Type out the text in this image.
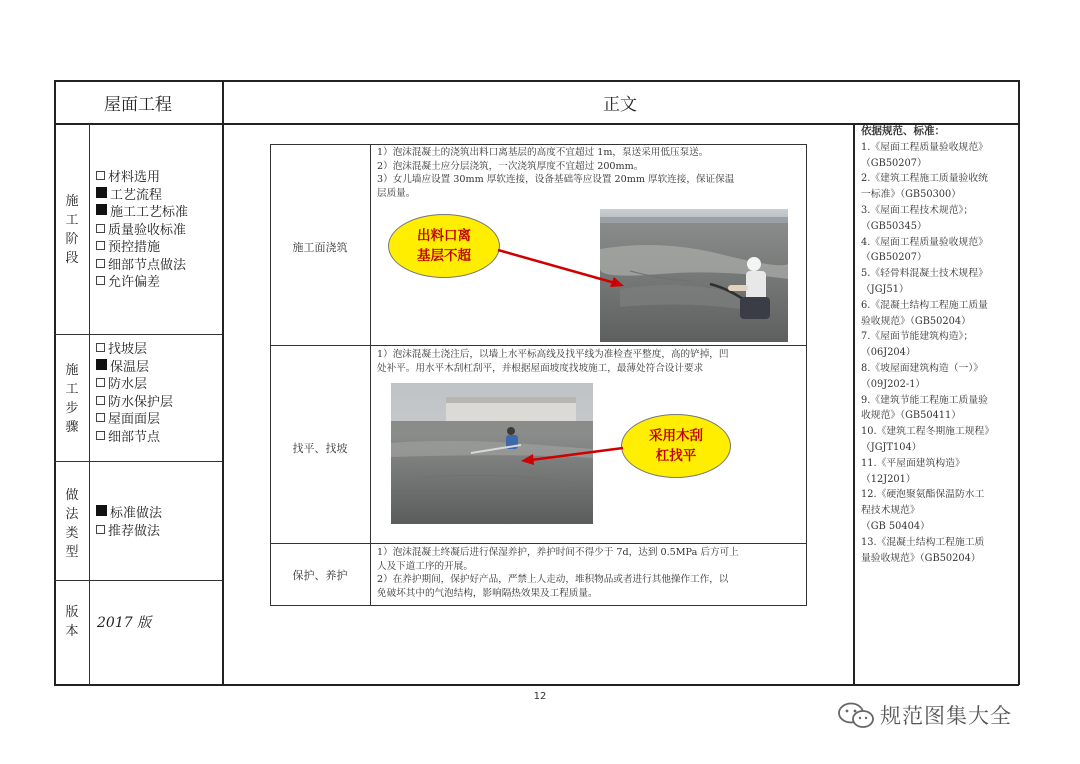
屋面工程	正文
施工阶段
施工步骤
做法类型
版本
材料选用
工艺流程
施工工艺标准
质量验收标准
预控措施
细部节点做法
允许偏差
找坡层
保温层
防水层
防水保护层
屋面面层
细部节点
标准做法
推荐做法
2017 版
施工面浇筑
找平、找坡
保护、养护
1）泡沫混凝土的浇筑出料口离基层的高度不宜超过 1m，泵送采用低压泵送。
2）泡沫混凝土应分层浇筑，一次浇筑厚度不宜超过 200mm。
3）女儿墙应设置 30mm 厚软连接，设备基础等应设置 20mm 厚软连接，保证保温
层质量。
出料口离
基层不超
1）泡沫混凝土浇注后，以墙上水平标高线及找平线为准检查平整度，高的铲掉，凹
处补平。用水平木刮杠刮平，并根据屋面坡度找坡施工，最薄处符合设计要求
采用木刮
杠找平
1）泡沫混凝土终凝后进行保湿养护，养护时间不得少于 7d，达到 0.5MPa 后方可上
人及下道工序的开展。
2）在养护期间，保护好产品，严禁上人走动，堆积物品或者进行其他操作工作，以
免破坏其中的气泡结构，影响隔热效果及工程质量。
依据规范、标准：
1.《屋面工程质量验收规范》
（GB50207）
2.《建筑工程施工质量验收统
一标准》（GB50300）
3.《屋面工程技术规范》；
（GB50345）
4.《屋面工程质量验收规范》
（GB50207）
5.《轻骨料混凝土技术规程》
（JGJ51）
6.《混凝土结构工程施工质量
验收规范》（GB50204）
7.《屋面节能建筑构造》；
（06J204）
8.《坡屋面建筑构造（一）》
（09J202-1）
9.《建筑节能工程施工质量验
收规范》（GB50411）
10.《建筑工程冬期施工规程》
（JGJT104）
11.《平屋面建筑构造》
（12J201）
12.《硬泡聚氨酯保温防水工
程技术规范》
（GB 50404）
13.《混凝土结构工程施工质
量验收规范》（GB50204）
12
规范图集大全
